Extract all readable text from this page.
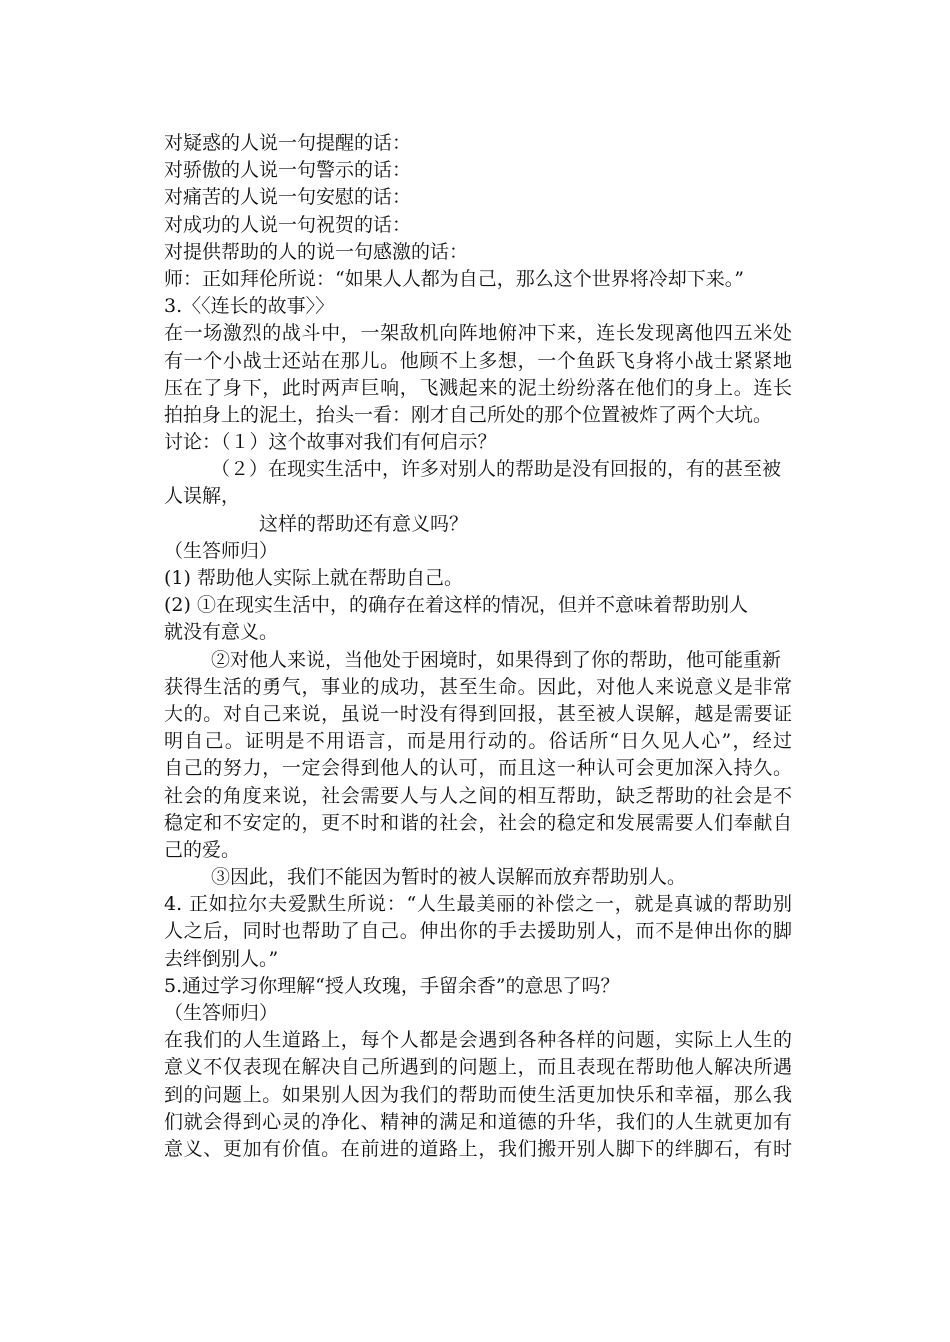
对疑惑的人说一句提醒的话：
对骄傲的人说一句警示的话：
对痛苦的人说一句安慰的话：
对成功的人说一句祝贺的话：
对提供帮助的人的说一句感激的话：
师：正如拜伦所说：“如果人人都为自己，那么这个世界将冷却下来。”
3.〈〈连长的故事〉〉
在一场激烈的战斗中，一架敌机向阵地俯冲下来，连长发现离他四五米处
有一个小战士还站在那儿。他顾不上多想，一个鱼跃飞身将小战士紧紧地
压在了身下，此时两声巨响，飞溅起来的泥土纷纷落在他们的身上。连长
拍拍身上的泥土，抬头一看：刚才自己所处的那个位置被炸了两个大坑。
讨论：（１）这个故事对我们有何启示？
（２）在现实生活中，许多对别人的帮助是没有回报的，有的甚至被
人误解，
这样的帮助还有意义吗？
（生答师归）
(1) 帮助他人实际上就在帮助自己。
(2) ①在现实生活中，的确存在着这样的情况，但并不意味着帮助别人
就没有意义。
②对他人来说，当他处于困境时，如果得到了你的帮助，他可能重新
获得生活的勇气，事业的成功，甚至生命。因此，对他人来说意义是非常
大的。对自己来说，虽说一时没有得到回报，甚至被人误解，越是需要证
明自己。证明是不用语言，而是用行动的。俗话所“日久见人心”，经过
自己的努力，一定会得到他人的认可，而且这一种认可会更加深入持久。
社会的角度来说，社会需要人与人之间的相互帮助，缺乏帮助的社会是不
稳定和不安定的，更不时和谐的社会，社会的稳定和发展需要人们奉献自
己的爱。
③因此，我们不能因为暂时的被人误解而放弃帮助别人。
4. 正如拉尔夫爱默生所说：“人生最美丽的补偿之一，就是真诚的帮助别
人之后，同时也帮助了自己。伸出你的手去援助别人，而不是伸出你的脚
去绊倒别人。”
5.通过学习你理解“授人玫瑰，手留余香”的意思了吗？
（生答师归）
在我们的人生道路上，每个人都是会遇到各种各样的问题，实际上人生的
意义不仅表现在解决自己所遇到的问题上，而且表现在帮助他人解决所遇
到的问题上。如果别人因为我们的帮助而使生活更加快乐和幸福，那么我
们就会得到心灵的净化、精神的满足和道德的升华，我们的人生就更加有
意义、更加有价值。在前进的道路上，我们搬开别人脚下的绊脚石，有时
